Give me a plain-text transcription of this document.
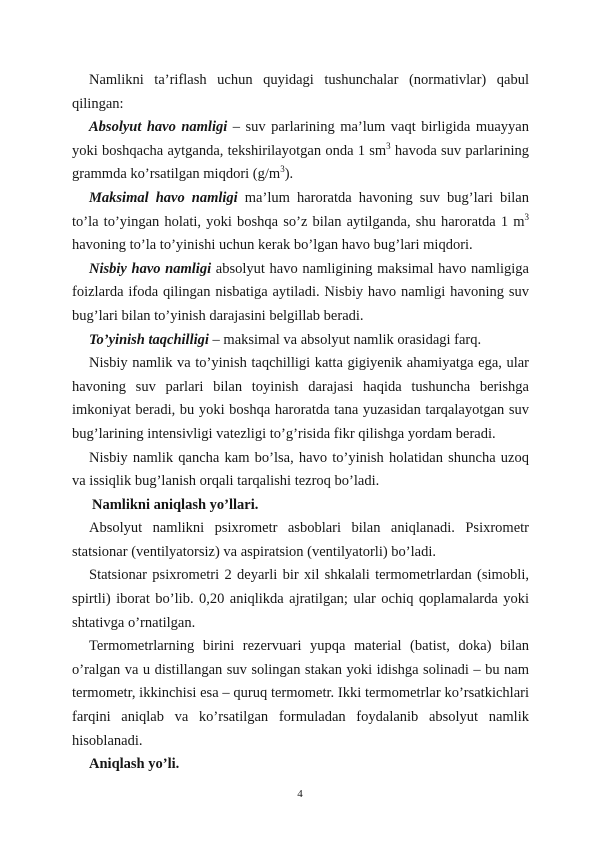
Namlikni ta’riflash uchun quyidagi tushunchalar (normativlar) qabul qilingan:

Absolyut havo namligi – suv parlarining ma’lum vaqt birligida muayyan yoki boshqacha aytganda, tekshirilayotgan onda 1 $sm^3$ havoda suv parlarining grammda ko’rsatilgan miqdori $(g/m^3)$.

Maksimal havo namligi ma’lum haroratda havoning suv bug’lari bilan to’la to’yingan holati, yoki boshqa so’z bilan aytilganda, shu haroratda 1 $m^3$ havoning to’la to’yinishi uchun kerak bo’lgan havo bug’lari miqdori.

Nisbiy havo namligi absolyut havo namligining maksimal havo namligiga foizlarda ifoda qilingan nisbatiga aytiladi. Nisbiy havo namligi havoning suv bug’lari bilan to’yinish darajasini belgillab beradi.

To’yinish taqchilligi – maksimal va absolyut namlik orasidagi farq.

Nisbiy namlik va to’yinish taqchilligi katta gigiyenik ahamiyatga ega, ular havoning suv parlari bilan toyinish darajasi haqida tushuncha berishga imkoniyat beradi, bu yoki boshqa haroratda tana yuzasidan tarqalayotgan suv bug’larining intensivligi vatezligi to’g’risida fikr qilishga yordam beradi.

Nisbiy namlik qancha kam bo’lsa, havo to’yinish holatidan shuncha uzoq va issiqlik bug’lanish orqali tarqalishi tezroq bo’ladi.

Namlikni aniqlash yo’llari.

Absolyut namlikni psixrometr asboblari bilan aniqlanadi. Psixrometr statsionar (ventilyatorsiz) va aspiratsion (ventilyatorli) bo’ladi.

Statsionar psixrometri 2 deyarli bir xil shkalali termometrlardan (simobli, spirtli) iborat bo’lib. 0,20 aniqlikda ajratilgan; ular ochiq qoplamalarda yoki shtativga o’rnatilgan.

Termometrlarning birini rezervuari yupqa material (batist, doka) bilan o’ralgan va u distillangan suv solingan stakan yoki idishga solinadi – bu nam termometr, ikkinchisi esa – quruq termometr. Ikki termometrlar ko’rsatkichlari farqini aniqlab va ko’rsatilgan formuladan foydalanib absolyut namlik hisoblanadi.

Aniqlash yo’li.

4
